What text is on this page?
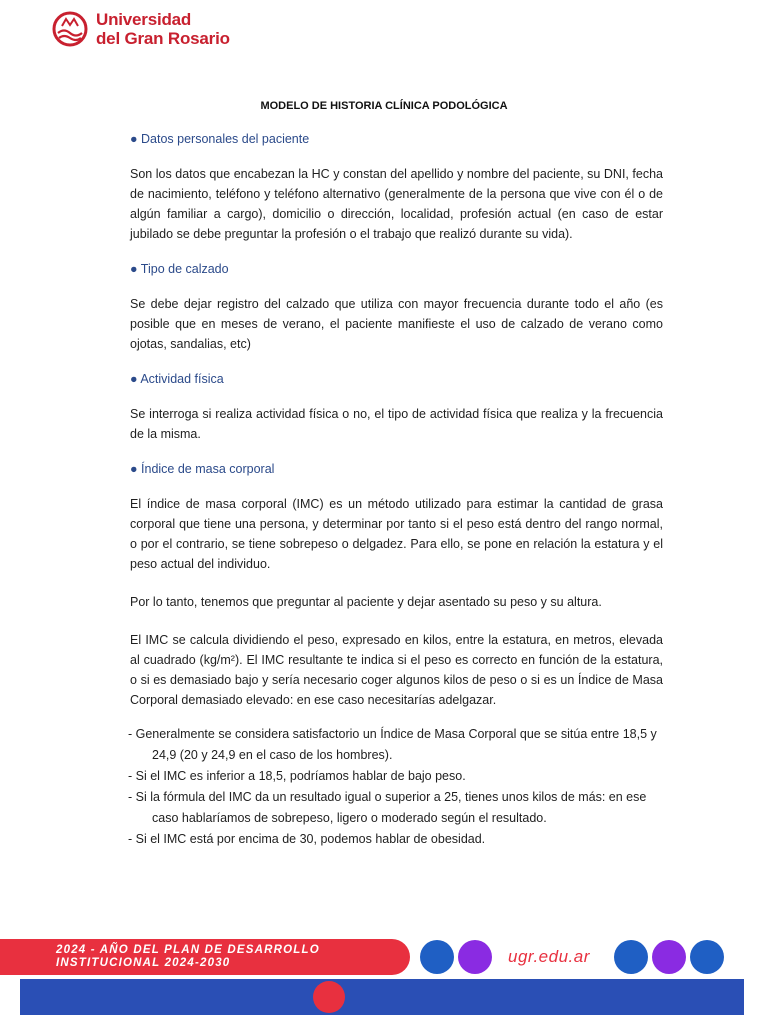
Universidad
del Gran Rosario
MODELO DE HISTORIA CLÍNICA PODOLÓGICA

● Datos personales del paciente

Son los datos que encabezan la HC y constan del apellido y nombre del paciente, su DNI, fecha de nacimiento, teléfono y teléfono alternativo (generalmente de la persona que vive con él o de algún familiar a cargo), domicilio o dirección, localidad, profesión actual (en caso de estar jubilado se debe preguntar la profesión o el trabajo que realizó durante su vida).

● Tipo de calzado

Se debe dejar registro del calzado que utiliza con mayor frecuencia durante todo el año (es posible que en meses de verano, el paciente manifieste el uso de calzado de verano como ojotas, sandalias, etc)

● Actividad física

Se interroga si realiza actividad física o no, el tipo de actividad física que realiza y la frecuencia de la misma.

● Índice de masa corporal

El índice de masa corporal (IMC) es un método utilizado para estimar la cantidad de grasa corporal que tiene una persona, y determinar por tanto si el peso está dentro del rango normal, o por el contrario, se tiene sobrepeso o delgadez. Para ello, se pone en relación la estatura y el peso actual del individuo.

Por lo tanto, tenemos que preguntar al paciente y dejar asentado su peso y su altura.

El IMC se calcula dividiendo el peso, expresado en kilos, entre la estatura, en metros, elevada al cuadrado (kg/m²). El IMC resultante te indica si el peso es correcto en función de la estatura, o si es demasiado bajo y sería necesario coger algunos kilos de peso o si es un Índice de Masa Corporal demasiado elevado: en ese caso necesitarías adelgazar.

- Generalmente se considera satisfactorio un Índice de Masa Corporal que se sitúa entre 18,5 y 24,9 (20 y 24,9 en el caso de los hombres).
- Si el IMC es inferior a 18,5, podríamos hablar de bajo peso.
- Si la fórmula del IMC da un resultado igual o superior a 25, tienes unos kilos de más: en ese caso hablaríamos de sobrepeso, ligero o moderado según el resultado.
- Si el IMC está por encima de 30, podemos hablar de obesidad.
2024 - AÑO DEL PLAN DE DESARROLLO
INSTITUCIONAL 2024-2030	ugr.edu.ar
